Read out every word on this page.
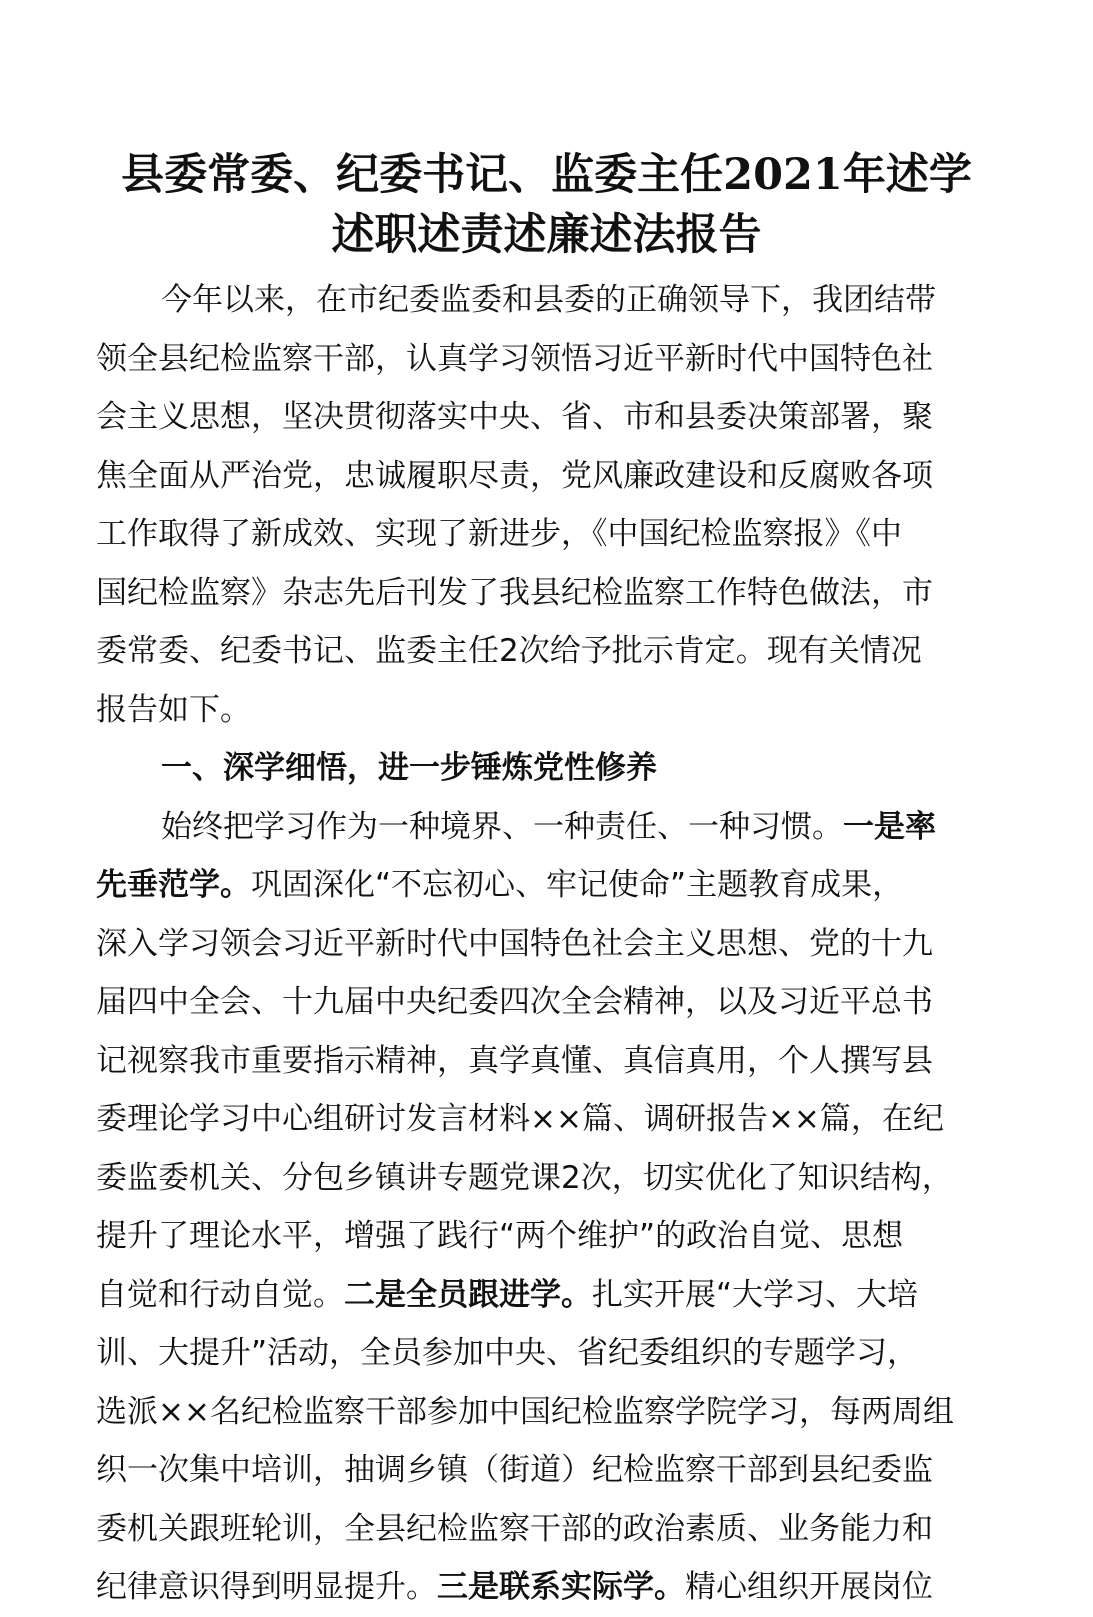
县委常委、纪委书记、监委主任2021年述学
述职述责述廉述法报告
今年以来，在市纪委监委和县委的正确领导下，我团结带
领全县纪检监察干部，认真学习领悟习近平新时代中国特色社
会主义思想，坚决贯彻落实中央、省、市和县委决策部署，聚
焦全面从严治党，忠诚履职尽责，党风廉政建设和反腐败各项
工作取得了新成效、实现了新进步，《中国纪检监察报》《中
国纪检监察》杂志先后刊发了我县纪检监察工作特色做法，市
委常委、纪委书记、监委主任2次给予批示肯定。现有关情况
报告如下。
一、深学细悟，进一步锤炼党性修养
始终把学习作为一种境界、一种责任、一种习惯。一是率
先垂范学。巩固深化“不忘初心、牢记使命”主题教育成果，
深入学习领会习近平新时代中国特色社会主义思想、党的十九
届四中全会、十九届中央纪委四次全会精神，以及习近平总书
记视察我市重要指示精神，真学真懂、真信真用，个人撰写县
委理论学习中心组研讨发言材料××篇、调研报告××篇，在纪
委监委机关、分包乡镇讲专题党课2次，切实优化了知识结构，
提升了理论水平，增强了践行“两个维护”的政治自觉、思想
自觉和行动自觉。二是全员跟进学。扎实开展“大学习、大培
训、大提升”活动，全员参加中央、省纪委组织的专题学习，
选派××名纪检监察干部参加中国纪检监察学院学习，每两周组
织一次集中培训，抽调乡镇（街道）纪检监察干部到县纪委监
委机关跟班轮训，全县纪检监察干部的政治素质、业务能力和
纪律意识得到明显提升。三是联系实际学。精心组织开展岗位
